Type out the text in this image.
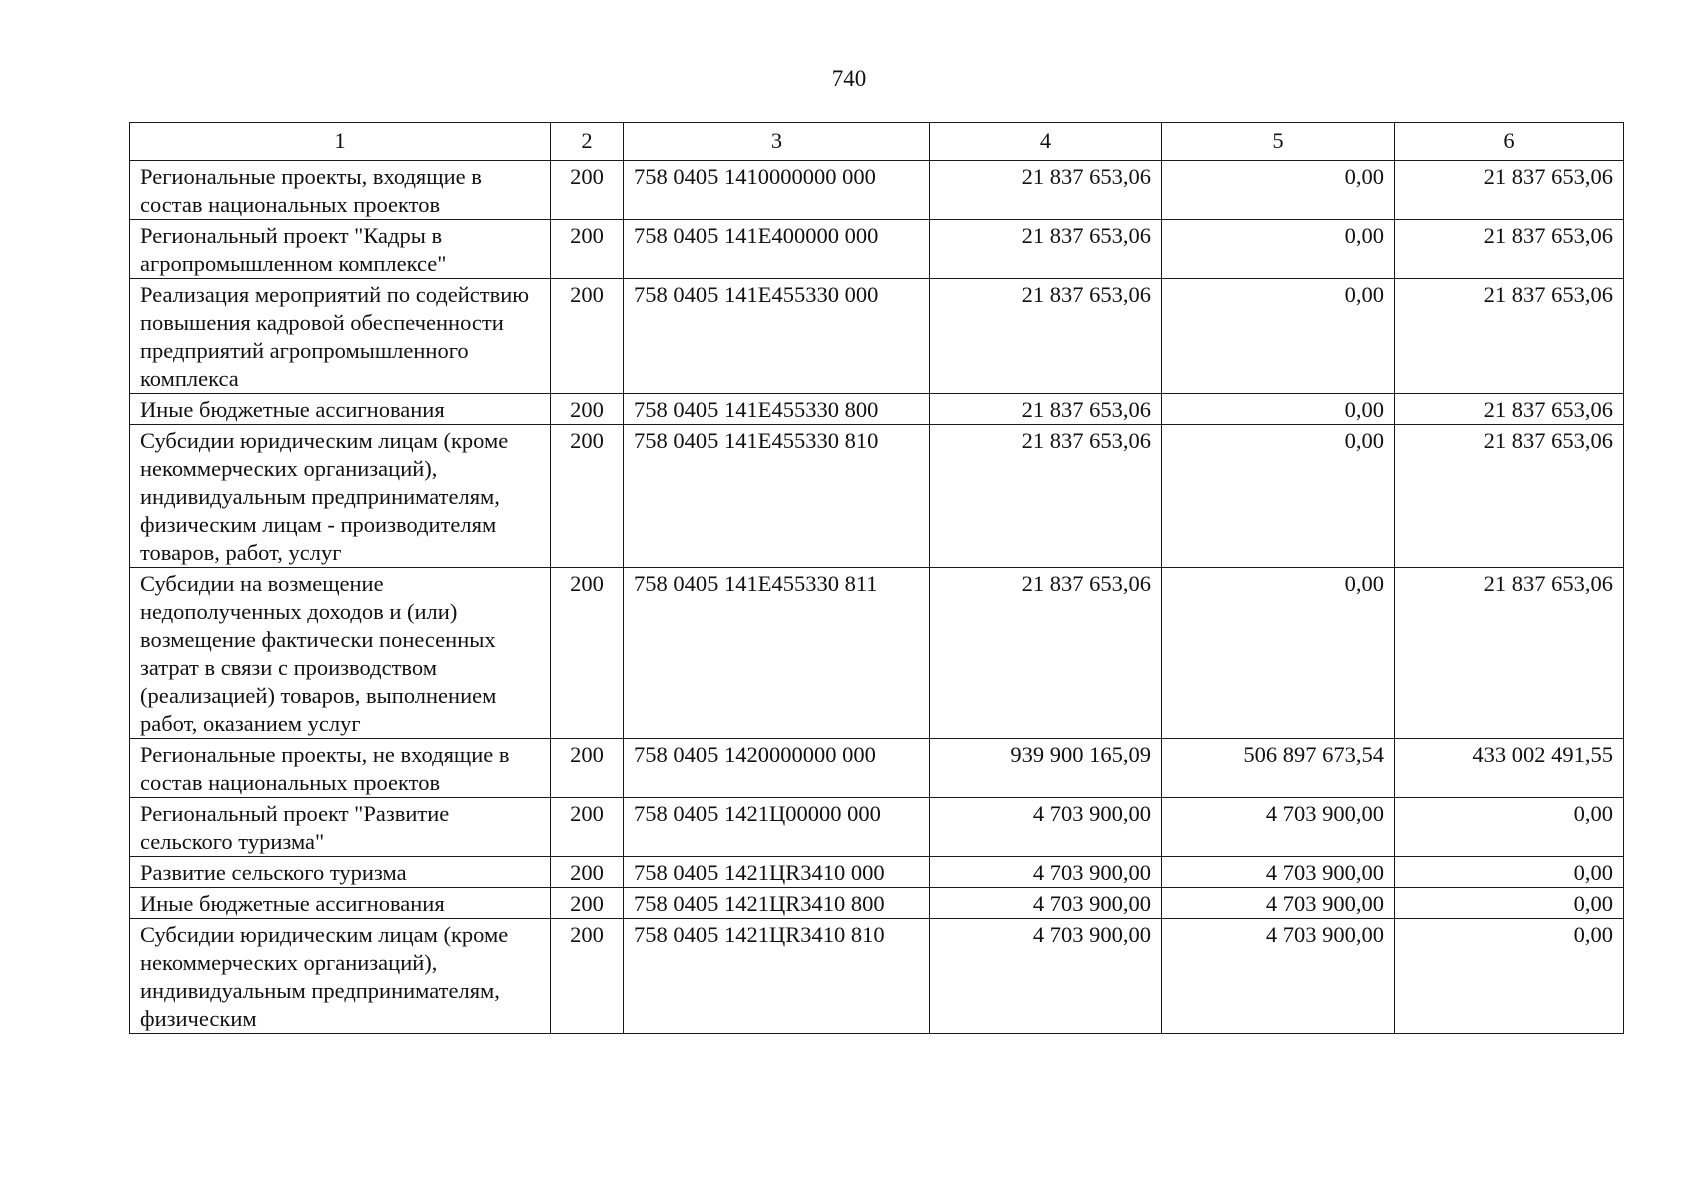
740
1	2	3	4	5	6
Региональные проекты, входящие в состав национальных проектов	200	758 0405 1410000000 000	21 837 653,06	0,00	21 837 653,06
Региональный проект "Кадры в агропромышленном комплексе"	200	758 0405 141E400000 000	21 837 653,06	0,00	21 837 653,06
Реализация мероприятий по содействию повышения кадровой обеспеченности предприятий агропромышленного комплекса	200	758 0405 141E455330 000	21 837 653,06	0,00	21 837 653,06
Иные бюджетные ассигнования	200	758 0405 141E455330 800	21 837 653,06	0,00	21 837 653,06
Субсидии юридическим лицам (кроме некоммерческих организаций), индивидуальным предпринимателям, физическим лицам - производителям товаров, работ, услуг	200	758 0405 141E455330 810	21 837 653,06	0,00	21 837 653,06
Субсидии на возмещение недополученных доходов и (или) возмещение фактически понесенных затрат в связи с производством (реализацией) товаров, выполнением работ, оказанием услуг	200	758 0405 141E455330 811	21 837 653,06	0,00	21 837 653,06
Региональные проекты, не входящие в состав национальных проектов	200	758 0405 1420000000 000	939 900 165,09	506 897 673,54	433 002 491,55
Региональный проект "Развитие сельского туризма"	200	758 0405 1421Ц00000 000	4 703 900,00	4 703 900,00	0,00
Развитие сельского туризма	200	758 0405 1421ЦR3410 000	4 703 900,00	4 703 900,00	0,00
Иные бюджетные ассигнования	200	758 0405 1421ЦR3410 800	4 703 900,00	4 703 900,00	0,00
Субсидии юридическим лицам (кроме некоммерческих организаций), индивидуальным предпринимателям, физическим	200	758 0405 1421ЦR3410 810	4 703 900,00	4 703 900,00	0,00
